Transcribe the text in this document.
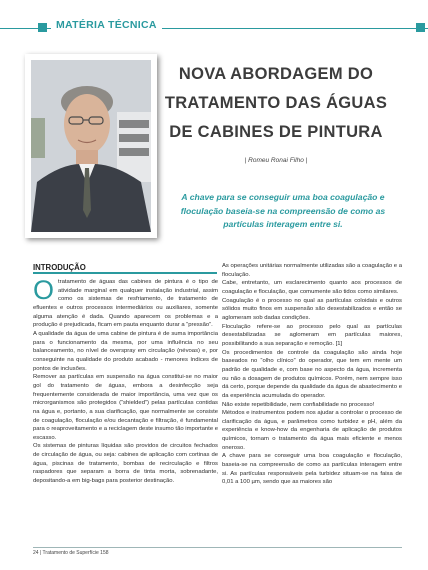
MATÉRIA TÉCNICA
NOVA ABORDAGEM DO TRATAMENTO DAS ÁGUAS DE CABINES DE PINTURA
| Romeu Ronai Filho |
A chave para se conseguir uma boa coagulação e floculação baseia-se na compreensão de como as partículas interagem entre si.
INTRODUÇÃO

Otratamento de águas das cabines de pintura é o tipo de atividade marginal em qualquer instalação industrial, assim como os sistemas de resfriamento, de tratamento de efluentes e outros processos intermediários ou auxiliares, somente alguma atenção é dada. Quando aparecem os problemas e a produção é prejudicada, ficam em pauta enquanto durar a “pressão”.

A qualidade da água de uma cabine de pintura é de suma importância para o funcionamento da mesma, por uma influência no seu balanceamento, no nível de overspray em circulação (névoas) e, por conseguinte na qualidade do produto acabado - menores índices de pontos de inclusões.

Remover as partículas em suspensão na água constitui-se no maior gol do tratamento de águas, embora a desinfecção seja frequentemente considerada de maior importância, uma vez que os microrganismos são protegidos (“shielded”) pelas partículas contidas na água e, portanto, a sua clarificação, que normalmente se consiste de coagulação, floculação e/ou decantação e filtração, é fundamental para o reaproveitamento e a reciclagem deste insumo tão importante e escasso.

Os sistemas de pinturas líquidas são providos de circuitos fechados de circulação de água, ou seja: cabines de aplicação com cortinas de água, piscinas de tratamento, bombas de recirculação e filtros raspadores que separam a borra de tinta morta, sobrenadante, depositando-a em big-bags para posterior destinação.

As operações unitárias normalmente utilizadas são a coagulação e a floculação.

Cabe, entretanto, um esclarecimento quanto aos processos de coagulação e floculação, que comumente são tidos como similares.

Coagulação é o processo no qual as partículas coloidais e outros sólidos muito finos em suspensão são desestabilizados e então se aglomeram sob dadas condições.

Floculação refere-se ao processo pelo qual as partículas desestabilizadas se aglomeram em partículas maiores, possibilitando a sua separação e remoção. [1]

Os procedimentos de controle da coagulação são ainda hoje baseados no “olho clínico” do operador, que tem em mente um padrão de qualidade e, com base no aspecto da água, incrementa ou não a dosagem de produtos químicos. Porém, nem sempre isso dá certo, porque depende da qualidade da água de abastecimento e da experiência acumulada do operador.

Não existe repetibilidade, nem confiabilidade no processo!

Métodos e instrumentos podem nos ajudar a controlar o processo de clarificação da água, e parâmetros como turbidez e pH, além da experiência e know-how da engenharia de aplicação de produtos químicos, tornam o tratamento da água mais eficiente e menos oneroso.

A chave para se conseguir uma boa coagulação e floculação, baseia-se na compreensão de como as partículas interagem entre si. As partículas responsáveis pela turbidez situam-se na faixa de 0,01 a 100 µm, sendo que as maiores são

24 | Tratamento de Superfície 158
